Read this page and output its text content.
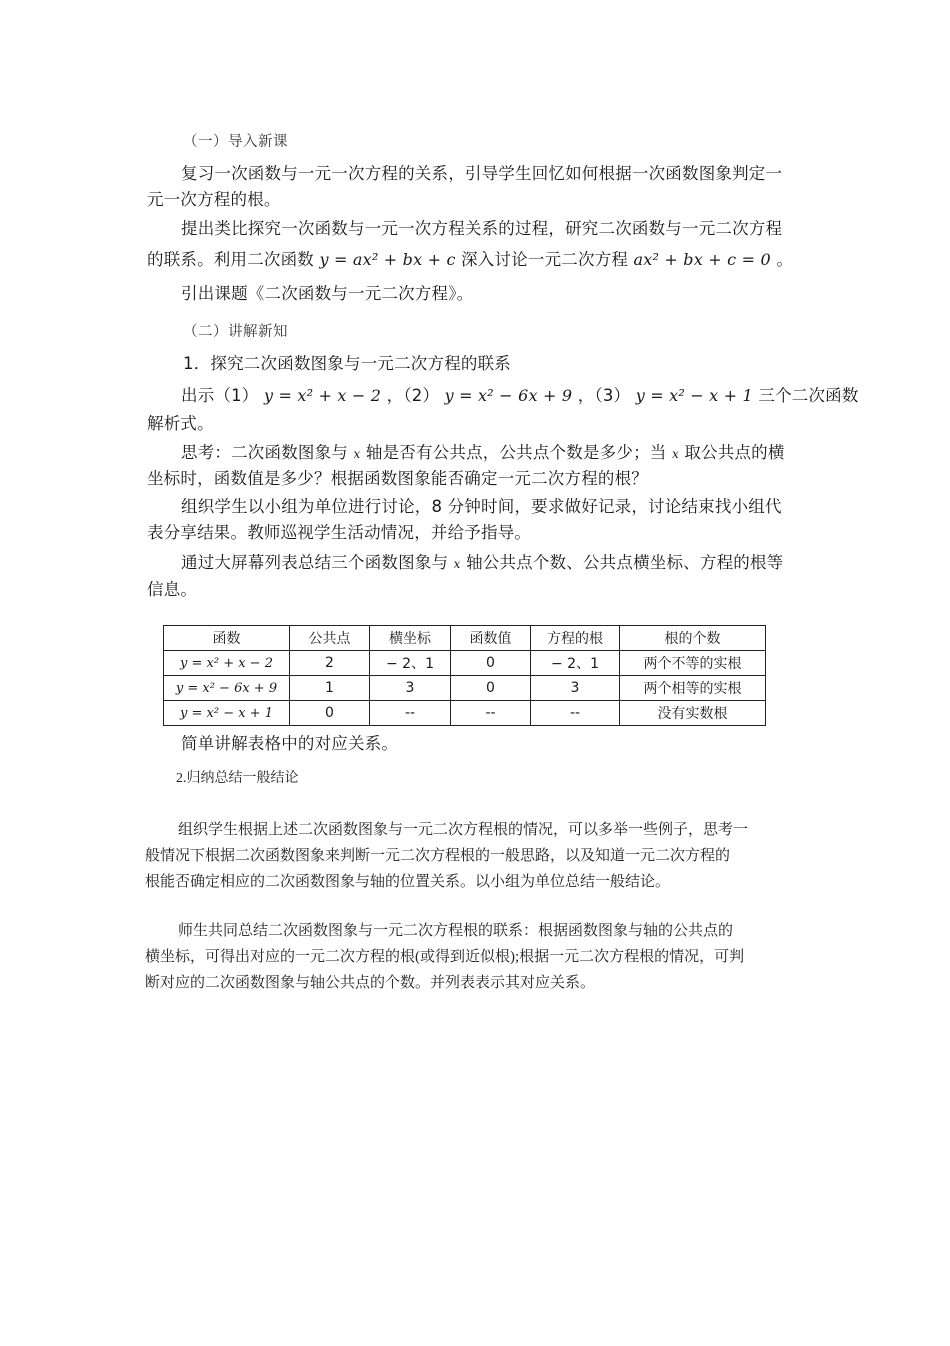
（一）导入新课
复习一次函数与一元一次方程的关系，引导学生回忆如何根据一次函数图象判定一
元一次方程的根。
提出类比探究一次函数与一元一次方程关系的过程，研究二次函数与一元二次方程
的联系。利用二次函数 y = ax² + bx + c 深入讨论一元二次方程 ax² + bx + c = 0 。
引出课题《二次函数与一元二次方程》。
（二）讲解新知
1．探究二次函数图象与一元二次方程的联系
出示（1） y = x² + x − 2 ，（2） y = x² − 6x + 9 ，（3） y = x² − x + 1 三个二次函数
解析式。
思考：二次函数图象与 x 轴是否有公共点，公共点个数是多少；当 x 取公共点的横
坐标时，函数值是多少？根据函数图象能否确定一元二次方程的根？
组织学生以小组为单位进行讨论，8 分钟时间，要求做好记录，讨论结束找小组代
表分享结果。教师巡视学生活动情况，并给予指导。
通过大屏幕列表总结三个函数图象与 x 轴公共点个数、公共点横坐标、方程的根等
信息。
函数	公共点	横坐标	函数值	方程的根	根的个数
y = x² + x − 2	2	− 2、1	0	− 2、1	两个不等的实根
y = x² − 6x + 9	1	3	0	3	两个相等的实根
y = x² − x + 1	0	--	--	--	没有实数根
简单讲解表格中的对应关系。
2.归纳总结一般结论
组织学生根据上述二次函数图象与一元二次方程根的情况，可以多举一些例子，思考一
般情况下根据二次函数图象来判断一元二次方程根的一般思路，以及知道一元二次方程的
根能否确定相应的二次函数图象与轴的位置关系。以小组为单位总结一般结论。
师生共同总结二次函数图象与一元二次方程根的联系：根据函数图象与轴的公共点的
横坐标，可得出对应的一元二次方程的根(或得到近似根);根据一元二次方程根的情况，可判
断对应的二次函数图象与轴公共点的个数。并列表表示其对应关系。
